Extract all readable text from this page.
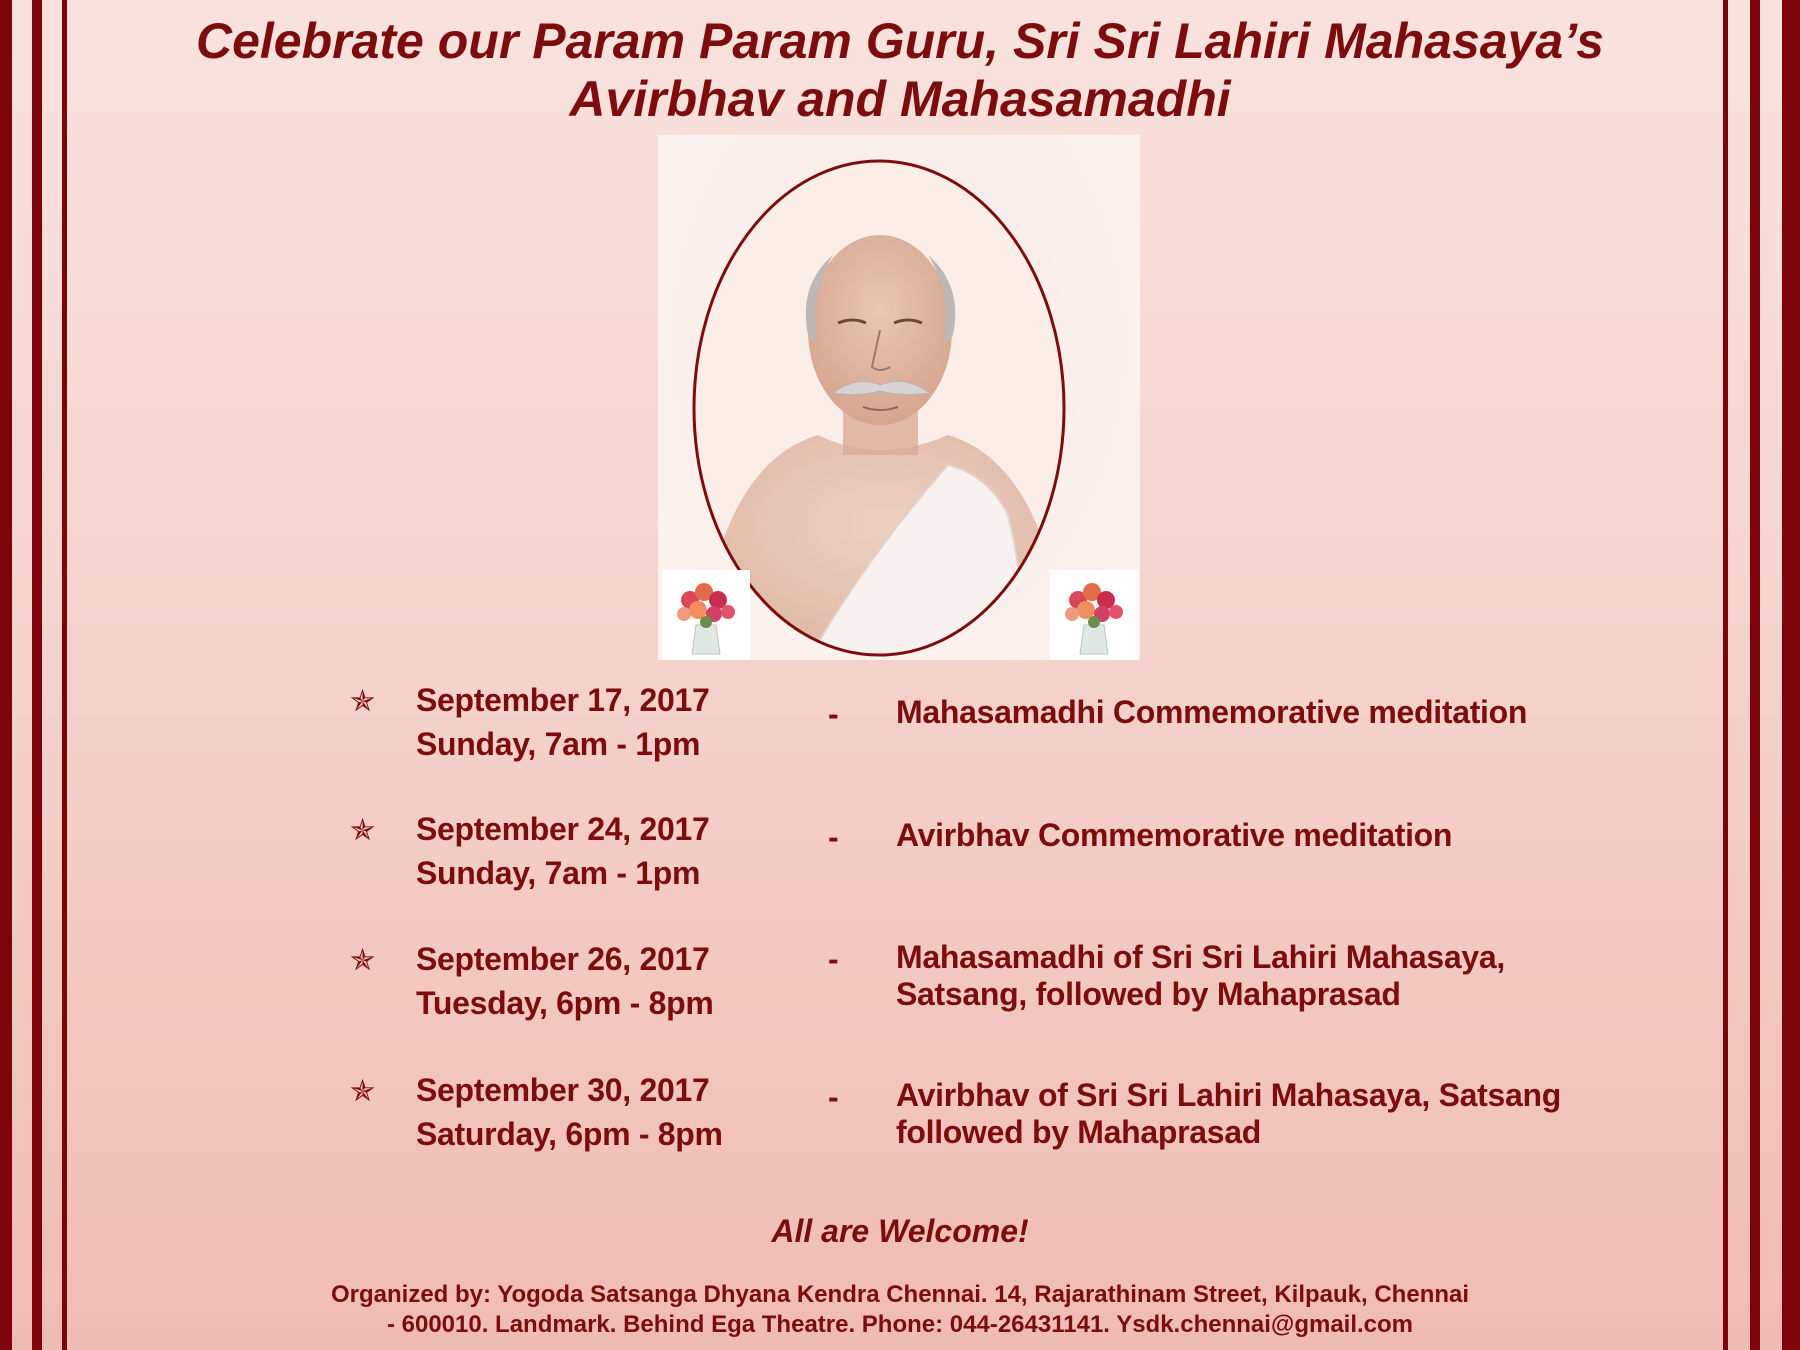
Celebrate our Param Param Guru, Sri Sri Lahiri Mahasaya’s
Avirbhav and Mahasamadhi
✯ September 17, 2017
Sunday, 7am - 1pm
- Mahasamadhi Commemorative meditation
✯ September 24, 2017
Sunday, 7am - 1pm
- Avirbhav Commemorative meditation
✯ September 26, 2017
Tuesday, 6pm - 8pm
- Mahasamadhi of Sri Sri Lahiri Mahasaya,
Satsang, followed by Mahaprasad
✯ September 30, 2017
Saturday, 6pm - 8pm
- Avirbhav of Sri Sri Lahiri Mahasaya, Satsang
followed by Mahaprasad
All are Welcome!
Organized by: Yogoda Satsanga Dhyana Kendra Chennai. 14, Rajarathinam Street, Kilpauk, Chennai
- 600010. Landmark. Behind Ega Theatre. Phone: 044-26431141. Ysdk.chennai@gmail.com
